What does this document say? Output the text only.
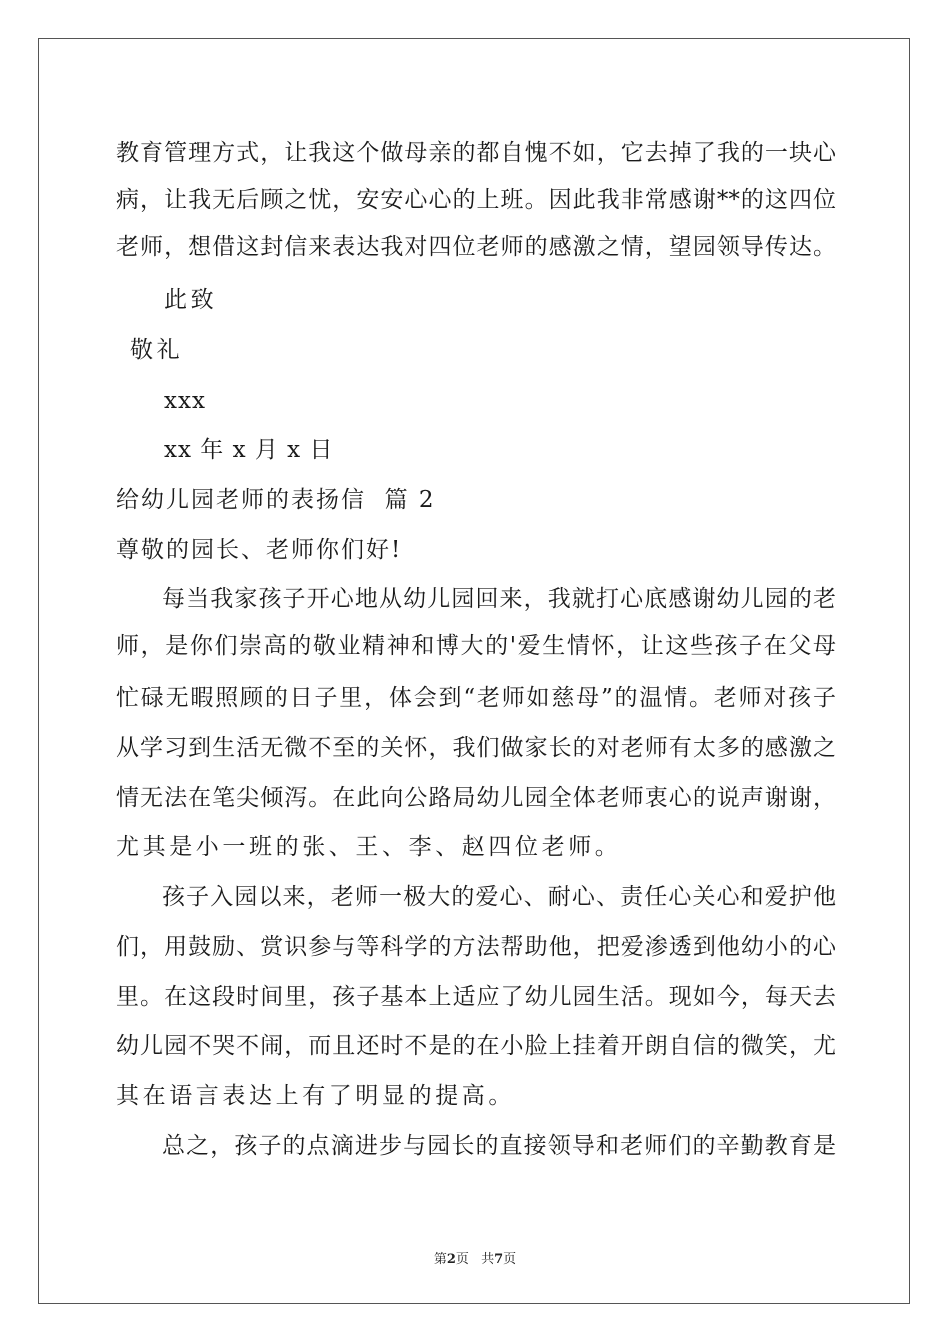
教育管理方式，让我这个做母亲的都自愧不如，它去掉了我的一块心
病，让我无后顾之忧，安安心心的上班。因此我非常感谢**的这四位
老师，想借这封信来表达我对四位老师的感激之情，望园领导传达。
此致
敬礼
xxx
xx 年 x 月 x 日
给幼儿园老师的表扬信  篇 2
尊敬的园长、老师你们好!
每当我家孩子开心地从幼儿园回来，我就打心底感谢幼儿园的老
师，是你们崇高的敬业精神和博大的'爱生情怀，让这些孩子在父母
忙碌无暇照顾的日子里，体会到“老师如慈母”的温情。老师对孩子
从学习到生活无微不至的关怀，我们做家长的对老师有太多的感激之
情无法在笔尖倾泻。在此向公路局幼儿园全体老师衷心的说声谢谢，
尤其是小一班的张、王、李、赵四位老师。
孩子入园以来，老师一极大的爱心、耐心、责任心关心和爱护他
们，用鼓励、赏识参与等科学的方法帮助他，把爱渗透到他幼小的心
里。在这段时间里，孩子基本上适应了幼儿园生活。现如今，每天去
幼儿园不哭不闹，而且还时不是的在小脸上挂着开朗自信的微笑，尤
其在语言表达上有了明显的提高。
总之，孩子的点滴进步与园长的直接领导和老师们的辛勤教育是
第2页 共7页
